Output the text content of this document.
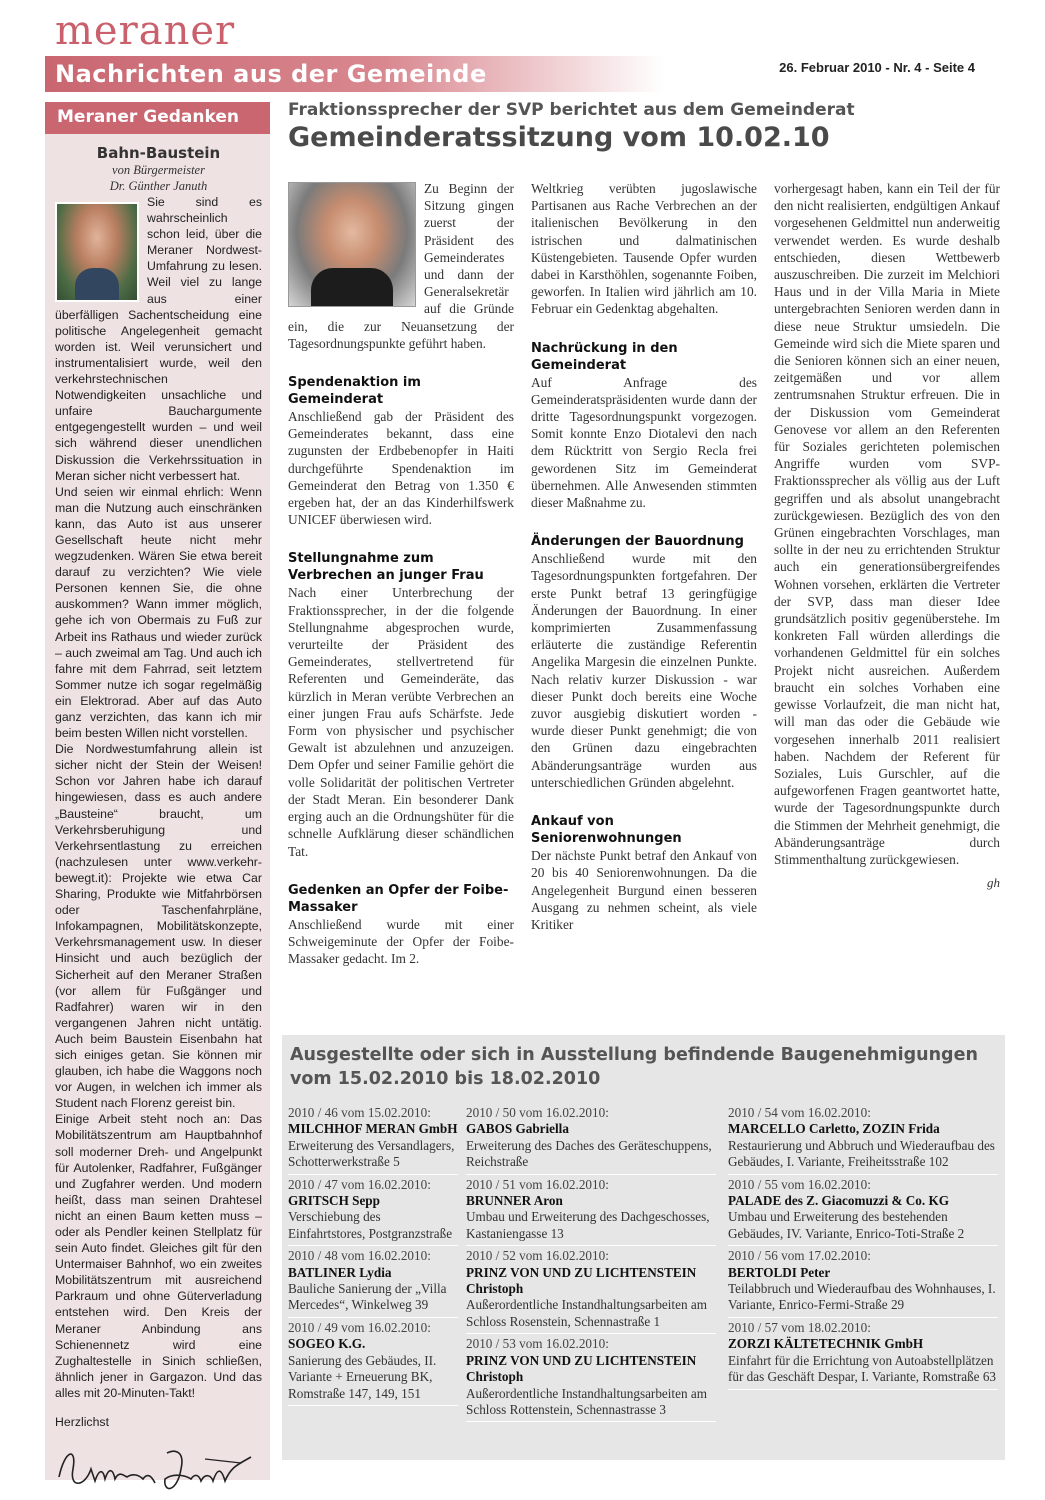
meraner
Nachrichten aus der Gemeinde	26. Februar 2010 - Nr. 4 - Seite 4
Meraner Gedanken
Bahn-Baustein
von Bürgermeister
Dr. Günther Januth

Sie sind es wahrscheinlich schon leid, über die Meraner Nordwest-Umfahrung zu lesen. Weil viel zu lange aus einer überfälligen Sachentscheidung eine politische Angelegenheit gemacht worden ist. Weil verunsichert und instrumentalisiert wurde, weil den verkehrstechnischen Notwendigkeiten unsachliche und unfaire Bauchargumente entgegengestellt wurden – und weil sich während dieser unendlichen Diskussion die Verkehrssituation in Meran sicher nicht verbessert hat.

Und seien wir einmal ehrlich: Wenn man die Nutzung auch einschränken kann, das Auto ist aus unserer Gesellschaft heute nicht mehr wegzudenken. Wären Sie etwa bereit darauf zu verzichten? Wie viele Personen kennen Sie, die ohne auskommen? Wann immer möglich, gehe ich von Obermais zu Fuß zur Arbeit ins Rathaus und wieder zurück – auch zweimal am Tag. Und auch ich fahre mit dem Fahrrad, seit letztem Sommer nutze ich sogar regelmäßig ein Elektrorad. Aber auf das Auto ganz verzichten, das kann ich mir beim besten Willen nicht vorstellen.

Die Nordwestumfahrung allein ist sicher nicht der Stein der Weisen! Schon vor Jahren habe ich darauf hingewiesen, dass es auch andere „Bausteine“ braucht, um Verkehrsberuhigung und Verkehrsentlastung zu erreichen (nachzulesen unter www.verkehr-bewegt.it): Projekte wie etwa Car Sharing, Produkte wie Mitfahrbörsen oder Taschenfahrpläne, Infokampagnen, Mobilitätskonzepte, Verkehrsmanagement usw. In dieser Hinsicht und auch bezüglich der Sicherheit auf den Meraner Straßen (vor allem für Fußgänger und Radfahrer) waren wir in den vergangenen Jahren nicht untätig. Auch beim Baustein Eisenbahn hat sich einiges getan. Sie können mir glauben, ich habe die Waggons noch vor Augen, in welchen ich immer als Student nach Florenz gereist bin.

Einige Arbeit steht noch an: Das Mobilitätszentrum am Hauptbahnhof soll moderner Dreh- und Angelpunkt für Autolenker, Radfahrer, Fußgänger und Zugfahrer werden. Und modern heißt, dass man seinen Drahtesel nicht an einen Baum ketten muss – oder als Pendler keinen Stellplatz für sein Auto findet. Gleiches gilt für den Untermaiser Bahnhof, wo ein zweites Mobilitätszentrum mit ausreichend Parkraum und ohne Güterverladung entstehen wird. Den Kreis der Meraner Anbindung ans Schienennetz wird eine Zughaltestelle in Sinich schließen, ähnlich jener in Gargazon. Und das alles mit 20-Minuten-Takt!

Herzlichst
Fraktionssprecher der SVP berichtet aus dem Gemeinderat
Gemeinderatssitzung vom 10.02.10

Zu Beginn der Sitzung gingen zuerst der Präsident des Gemeinderates und dann der Generalsekretär auf die Gründe ein, die zur Neuansetzung der Tagesordnungspunkte geführt haben.

Spendenaktion im Gemeinderat

Anschließend gab der Präsident des Gemeinderates bekannt, dass eine zugunsten der Erdbebenopfer in Haiti durchgeführte Spendenaktion im Gemeinderat den Betrag von 1.350 € ergeben hat, der an das Kinderhilfswerk UNICEF überwiesen wird.

Stellungnahme zum Verbrechen an junger Frau

Nach einer Unterbrechung der Fraktionssprecher, in der die folgende Stellungnahme abgesprochen wurde, verurteilte der Präsident des Gemeinderates, stellvertretend für Referenten und Gemeinderäte, das kürzlich in Meran verübte Verbrechen an einer jungen Frau aufs Schärfste. Jede Form von physischer und psychischer Gewalt ist abzulehnen und anzuzeigen. Dem Opfer und seiner Familie gehört die volle Solidarität der politischen Vertreter der Stadt Meran. Ein besonderer Dank erging auch an die Ordnungshüter für die schnelle Aufklärung dieser schändlichen Tat.

Gedenken an Opfer der Foibe-Massaker

Anschließend wurde mit einer Schweigeminute der Opfer der Foibe-Massaker gedacht. Im 2.

Weltkrieg verübten jugoslawische Partisanen aus Rache Verbrechen an der italienischen Bevölkerung in den istrischen und dalmatinischen Küstengebieten. Tausende Opfer wurden dabei in Karsthöhlen, sogenannte Foiben, geworfen. In Italien wird jährlich am 10. Februar ein Gedenktag abgehalten.

Nachrückung in den Gemeinderat

Auf Anfrage des Gemeinderatspräsidenten wurde dann der dritte Tagesordnungspunkt vorgezogen. Somit konnte Enzo Diotalevi den nach dem Rücktritt von Sergio Recla frei gewordenen Sitz im Gemeinderat übernehmen. Alle Anwesenden stimmten dieser Maßnahme zu.

Änderungen der Bauordnung

Anschließend wurde mit den Tagesordnungspunkten fortgefahren. Der erste Punkt betraf 13 geringfügige Änderungen der Bauordnung. In einer komprimierten Zusammenfassung erläuterte die zuständige Referentin Angelika Margesin die einzelnen Punkte. Nach relativ kurzer Diskussion - war dieser Punkt doch bereits eine Woche zuvor ausgiebig diskutiert worden - wurde dieser Punkt genehmigt; die von den Grünen dazu eingebrachten Abänderungsanträge wurden aus unterschiedlichen Gründen abgelehnt.

Ankauf von Seniorenwohnungen

Der nächste Punkt betraf den Ankauf von 20 bis 40 Seniorenwohnungen. Da die Angelegenheit Burgund einen besseren Ausgang zu nehmen scheint, als viele Kritiker

vorhergesagt haben, kann ein Teil der für den nicht realisierten, endgültigen Ankauf vorgesehenen Geldmittel nun anderweitig verwendet werden. Es wurde deshalb entschieden, diesen Wettbewerb auszuschreiben. Die zurzeit im Melchiori Haus und in der Villa Maria in Miete untergebrachten Senioren werden dann in diese neue Struktur umsiedeln. Die Gemeinde wird sich die Miete sparen und die Senioren können sich an einer neuen, zeitgemäßen und vor allem zentrumsnahen Struktur erfreuen. Die in der Diskussion vom Gemeinderat Genovese vor allem an den Referenten für Soziales gerichteten polemischen Angriffe wurden vom SVP-Fraktionssprecher als völlig aus der Luft gegriffen und als absolut unangebracht zurückgewiesen. Bezüglich des von den Grünen eingebrachten Vorschlages, man sollte in der neu zu errichtenden Struktur auch ein generationsübergreifendes Wohnen vorsehen, erklärten die Vertreter der SVP, dass man dieser Idee grundsätzlich positiv gegenüberstehe. Im konkreten Fall würden allerdings die vorhandenen Geldmittel für ein solches Projekt nicht ausreichen. Außerdem braucht ein solches Vorhaben eine gewisse Vorlaufzeit, die man nicht hat, will man das oder die Gebäude wie vorgesehen innerhalb 2011 realisiert haben. Nachdem der Referent für Soziales, Luis Gurschler, auf die aufgeworfenen Fragen geantwortet hatte, wurde der Tagesordnungspunkte durch die Stimmen der Mehrheit genehmigt, die Abänderungsanträge durch Stimmenthaltung zurückgewiesen.

gh
Ausgestellte oder sich in Ausstellung befindende Baugenehmigungen
vom 15.02.2010 bis 18.02.2010
2010 / 46 vom 15.02.2010:
MILCHHOF MERAN GmbH
Erweiterung des Versandlagers, Schotterwerkstraße 5
2010 / 47 vom 16.02.2010:
GRITSCH Sepp
Verschiebung des Einfahrtstores, Postgranzstraße
2010 / 48 vom 16.02.2010:
BATLINER Lydia
Bauliche Sanierung der „Villa Mercedes“, Winkelweg 39
2010 / 49 vom 16.02.2010:
SOGEO K.G.
Sanierung des Gebäudes, II. Variante + Erneuerung BK, Romstraße 147, 149, 151
2010 / 50 vom 16.02.2010:
GABOS Gabriella
Erweiterung des Daches des Geräteschuppens, Reichstraße
2010 / 51 vom 16.02.2010:
BRUNNER Aron
Umbau und Erweiterung des Dachgeschosses, Kastaniengasse 13
2010 / 52 vom 16.02.2010:
PRINZ VON UND ZU LICHTENSTEIN Christoph
Außerordentliche Instandhaltungsarbeiten am Schloss Rosenstein, Schennastraße 1
2010 / 53 vom 16.02.2010:
PRINZ VON UND ZU LICHTENSTEIN Christoph
Außerordentliche Instandhaltungsarbeiten am Schloss Rottenstein, Schennastrasse 3
2010 / 54 vom 16.02.2010:
MARCELLO Carletto, ZOZIN Frida
Restaurierung und Abbruch und Wiederaufbau des Gebäudes, I. Variante, Freiheitsstraße 102
2010 / 55 vom 16.02.2010:
PALADE des Z. Giacomuzzi & Co. KG
Umbau und Erweiterung des bestehenden Gebäudes, IV. Variante, Enrico-Toti-Straße 2
2010 / 56 vom 17.02.2010:
BERTOLDI Peter
Teilabbruch und Wiederaufbau des Wohnhauses, I. Variante, Enrico-Fermi-Straße 29
2010 / 57 vom 18.02.2010:
ZORZI KÄLTETECHNIK GmbH
Einfahrt für die Errichtung von Autoabstellplätzen für das Geschäft Despar, I. Variante, Romstraße 63
